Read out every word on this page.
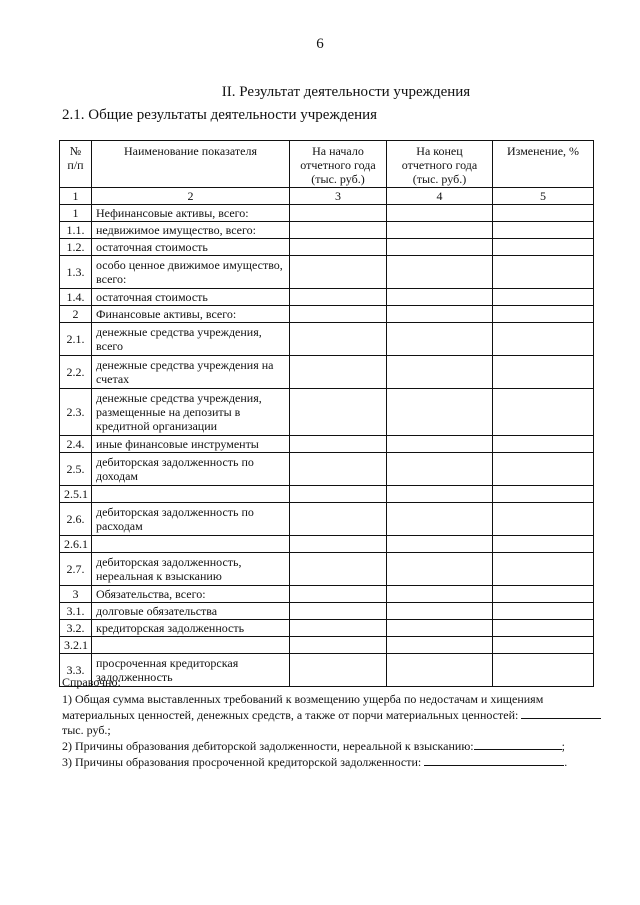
6
II. Результат деятельности учреждения
2.1. Общие результаты деятельности учреждения
№ п/п	Наименование показателя	На начало отчетного года (тыс. руб.)	На конец отчетного года (тыс. руб.)	Изменение, %
1	2	3	4	5
1	Нефинансовые активы, всего:			
1.1.	недвижимое имущество, всего:			
1.2.	остаточная стоимость			
1.3.	особо ценное движимое имущество, всего:			
1.4.	остаточная стоимость			
2	Финансовые активы, всего:			
2.1.	денежные средства учреждения, всего			
2.2.	денежные средства учреждения на счетах			
2.3.	денежные средства учреждения, размещенные на депозиты в кредитной организации			
2.4.	иные финансовые инструменты			
2.5.	дебиторская задолженность по доходам			
2.5.1				
2.6.	дебиторская задолженность по расходам			
2.6.1				
2.7.	дебиторская задолженность, нереальная к взысканию			
3	Обязательства, всего:			
3.1.	долговые обязательства			
3.2.	кредиторская задолженность			
3.2.1				
3.3.	просроченная кредиторская задолженность			

Справочно:

1) Общая сумма выставленных требований к возмещению ущерба по недостачам и хищениям материальных ценностей, денежных средств, а также от порчи материальных ценностей:  тыс. руб.;

2) Причины образования дебиторской задолженности, нереальной к взысканию:	;

3) Причины образования просроченной кредиторской задолженности:	.
